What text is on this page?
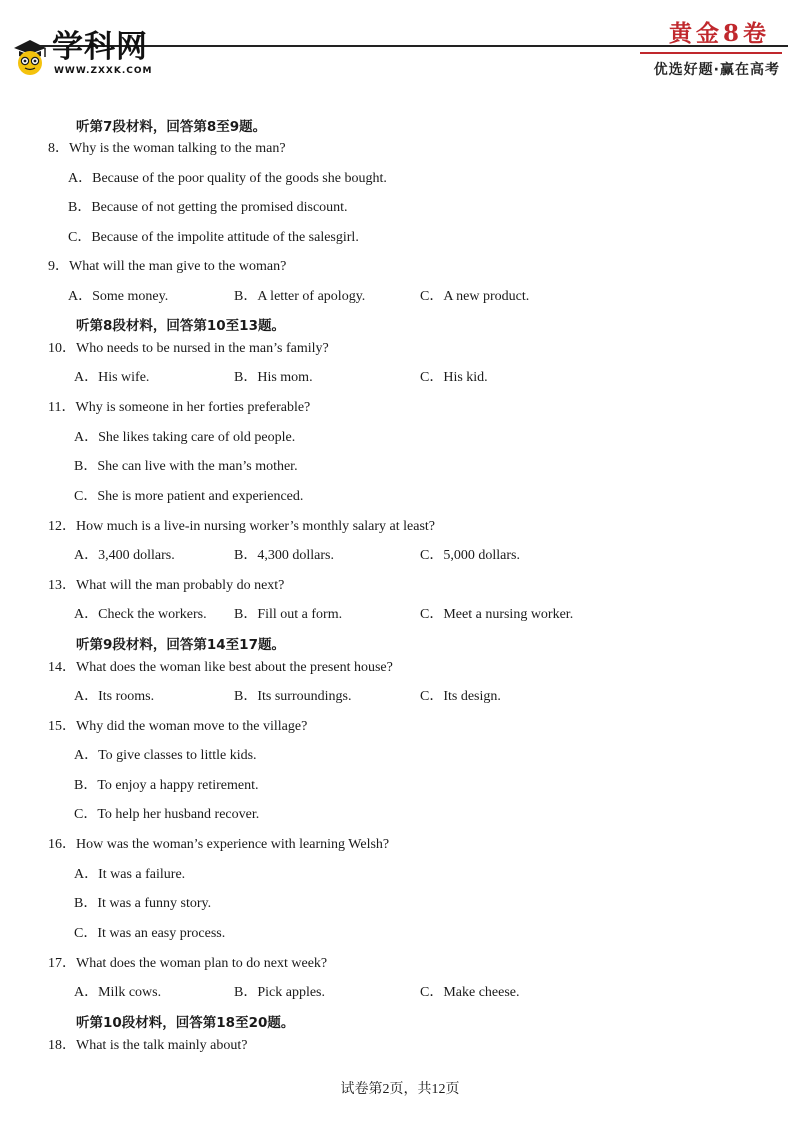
学科网
WWW.ZXXK.COM
黄金8卷
优选好题·赢在高考
听第7段材料，回答第8至9题。
8．Why is the woman talking to the man?
A．Because of the poor quality of the goods she bought.
B．Because of not getting the promised discount.
C．Because of the impolite attitude of the salesgirl.
9．What will the man give to the woman?
A．Some money.	B．A letter of apology.	C．A new product.
听第8段材料，回答第10至13题。
10．Who needs to be nursed in the man’s family?
A．His wife.	B．His mom.	C．His kid.
11．Why is someone in her forties preferable?
A．She likes taking care of old people.
B．She can live with the man’s mother.
C．She is more patient and experienced.
12．How much is a live-in nursing worker’s monthly salary at least?
A．3,400 dollars.	B．4,300 dollars.	C．5,000 dollars.
13．What will the man probably do next?
A．Check the workers. B．Fill out a form.	C．Meet a nursing worker.
听第9段材料，回答第14至17题。
14．What does the woman like best about the present house?
A．Its rooms.	B．Its surroundings.	C．Its design.
15．Why did the woman move to the village?
A．To give classes to little kids.
B．To enjoy a happy retirement.
C．To help her husband recover.
16．How was the woman’s experience with learning Welsh?
A．It was a failure.
B．It was a funny story.
C．It was an easy process.
17．What does the woman plan to do next week?
A．Milk cows.	B．Pick apples.	C．Make cheese.
听第10段材料，回答第18至20题。
18．What is the talk mainly about?
试卷第2页，共12页
